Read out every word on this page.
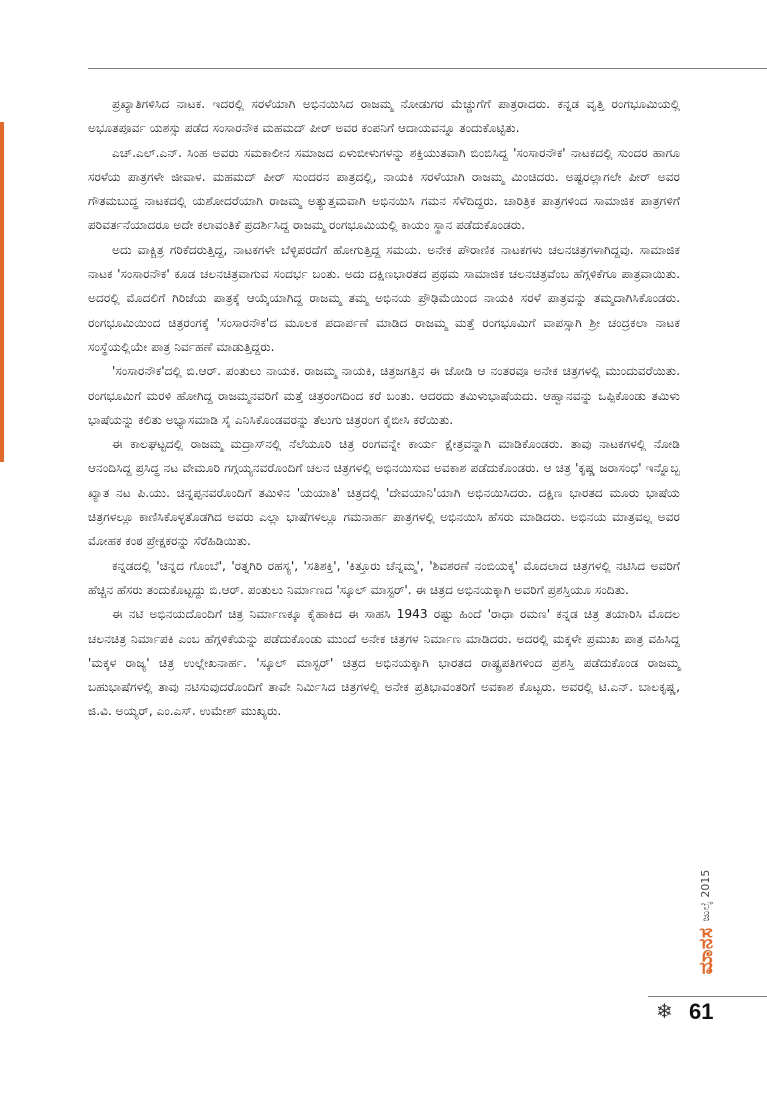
ಪ್ರಖ್ಯಾತಿಗಳಿಸಿದ ನಾಟಕ. ಇದರಲ್ಲಿ ಸರಳೆಯಾಗಿ ಅಭಿನಯಿಸಿದ ರಾಜಮ್ಮ ನೋಡುಗರ ಮೆಚ್ಚುಗೆಗೆ ಪಾತ್ರರಾದರು. ಕನ್ನಡ ವೃತ್ತಿ ರಂಗಭೂಮಿಯಲ್ಲಿ ಅಭೂತಪೂರ್ವ ಯಶಸ್ಸು ಪಡೆದ ಸಂಸಾರನೌಕ ಮಹಮದ್ ಪೀರ್ ಅವರ ಕಂಪನಿಗೆ ಆದಾಯವನ್ನೂ ತಂದುಕೊಟ್ಟಿತು.

ಎಚ್.ಎಲ್.ಎನ್. ಸಿಂಹ ಅವರು ಸಮಕಾಲೀನ ಸಮಾಜದ ಏಳುಬೀಳುಗಳನ್ನು ಶಕ್ತಿಯುತವಾಗಿ ಬಿಂಬಿಸಿದ್ದ 'ಸಂಸಾರನೌಕ' ನಾಟಕದಲ್ಲಿ ಸುಂದರ ಹಾಗೂ ಸರಳೆಯ ಪಾತ್ರಗಳೇ ಜೀವಾಳ. ಮಹಮದ್ ಪೀರ್ ಸುಂದರನ ಪಾತ್ರದಲ್ಲಿ, ನಾಯಕಿ ಸರಳೆಯಾಗಿ ರಾಜಮ್ಮ ಮಿಂಚಿದರು. ಅಷ್ಟರಲ್ಲಾಗಲೇ ಪೀರ್ ಅವರ ಗೌತಮಬುದ್ಧ ನಾಟಕದಲ್ಲಿ ಯಶೋದರೆಯಾಗಿ ರಾಜಮ್ಮ ಅತ್ಯುತ್ತಮವಾಗಿ ಅಭಿನಯಿಸಿ ಗಮನ ಸೆಳೆದಿದ್ದರು. ಚಾರಿತ್ರಿಕ ಪಾತ್ರಗಳಿಂದ ಸಾಮಾಜಿಕ ಪಾತ್ರಗಳಿಗೆ ಪರಿವರ್ತನೆಯಾದರೂ ಅದೇ ಕಲಾವಂತಿಕೆ ಪ್ರದರ್ಶಿಸಿದ್ದ ರಾಜಮ್ಮ ರಂಗಭೂಮಿಯಲ್ಲಿ ಕಾಯಂ ಸ್ಥಾನ ಪಡೆದುಕೊಂಡರು.

ಅದು ವಾಕ್ಚಿತ್ರ ಗರಿಕೆದರುತ್ತಿದ್ದ, ನಾಟಕಗಳೇ ಬೆಳ್ಳಿಪರದೆಗೆ ಹೋಗುತ್ತಿದ್ದ ಸಮಯ. ಅನೇಕ ಪೌರಾಣಿಕ ನಾಟಕಗಳು ಚಲನಚಿತ್ರಗಳಾಗಿದ್ದವು. ಸಾಮಾಜಿಕ ನಾಟಕ 'ಸಂಸಾರನೌಕ' ಕೂಡ ಚಲನಚಿತ್ರವಾಗುವ ಸಂದರ್ಭ ಬಂತು. ಅದು ದಕ್ಷಿಣಭಾರತದ ಪ್ರಥಮ ಸಾಮಾಜಿಕ ಚಲನಚಿತ್ರವೆಂಬ ಹೆಗ್ಗಳಿಕೆಗೂ ಪಾತ್ರವಾಯಿತು. ಅದರಲ್ಲಿ ಮೊದಲಿಗೆ ಗಿರಿಜೆಯ ಪಾತ್ರಕ್ಕೆ ಆಯ್ಕೆಯಾಗಿದ್ದ ರಾಜಮ್ಮ ತಮ್ಮ ಅಭಿನಯ ಪ್ರೌಢಿಮೆಯಿಂದ ನಾಯಕಿ ಸರಳೆ ಪಾತ್ರವನ್ನು ತಮ್ಮದಾಗಿಸಿಕೊಂಡರು. ರಂಗಭೂಮಿಯಿಂದ ಚಿತ್ರರಂಗಕ್ಕೆ 'ಸಂಸಾರನೌಕ'ದ ಮೂಲಕ ಪದಾರ್ಪಣೆ ಮಾಡಿದ ರಾಜಮ್ಮ ಮತ್ತೆ ರಂಗಭೂಮಿಗೆ ವಾಪಸ್ಸಾಗಿ ಶ್ರೀ ಚಂದ್ರಕಲಾ ನಾಟಕ ಸಂಸ್ಥೆಯಲ್ಲಿಯೇ ಪಾತ್ರ ನಿರ್ವಹಣೆ ಮಾಡುತ್ತಿದ್ದರು.

'ಸಂಸಾರನೌಕ'ದಲ್ಲಿ ಬಿ.ಆರ್. ಪಂತುಲು ನಾಯಕ. ರಾಜಮ್ಮ ನಾಯಕಿ, ಚಿತ್ರಜಗತ್ತಿನ ಈ ಜೋಡಿ ಆ ನಂತರವೂ ಅನೇಕ ಚಿತ್ರಗಳಲ್ಲಿ ಮುಂದುವರೆಯಿತು. ರಂಗಭೂಮಿಗೆ ಮರಳಿ ಹೋಗಿದ್ದ ರಾಜಮ್ಮನವರಿಗೆ ಮತ್ತೆ ಚಿತ್ರರಂಗದಿಂದ ಕರೆ ಬಂತು. ಆದರದು ತಮಿಳುಭಾಷೆಯದು. ಆಹ್ವಾನವನ್ನು ಒಪ್ಪಿಕೊಂಡು ತಮಿಳು ಭಾಷೆಯನ್ನು ಕಲಿತು ಅಭ್ಯಾಸಮಾಡಿ ಸೈ ಎನಿಸಿಕೊಂಡವರನ್ನು ತೆಲುಗು ಚಿತ್ರರಂಗ ಕೈಬೀಸಿ ಕರೆಯಿತು.

ಈ ಕಾಲಘಟ್ಟದಲ್ಲಿ ರಾಜಮ್ಮ ಮದ್ರಾಸ್‌ನಲ್ಲಿ ನೆಲೆಯೂರಿ ಚಿತ್ರ ರಂಗವನ್ನೇ ಕಾರ್ಯ ಕ್ಷೇತ್ರವನ್ನಾಗಿ ಮಾಡಿಕೊಂಡರು. ತಾವು ನಾಟಕಗಳಲ್ಲಿ ನೋಡಿ ಆನಂದಿಸಿದ್ದ ಪ್ರಸಿದ್ಧ ನಟ ವೇಮೂರಿ ಗಗ್ಗಯ್ಯನವರೊಂದಿಗೆ ಚಲನ ಚಿತ್ರಗಳಲ್ಲಿ ಅಭಿನಯಿಸುವ ಅವಕಾಶ ಪಡೆದುಕೊಂಡರು. ಆ ಚಿತ್ರ 'ಕೃಷ್ಣ ಜರಾಸಂಧ' ಇನ್ನೊಬ್ಬ ಖ್ಯಾತ ನಟ ಪಿ.ಯು. ಚಿನ್ನಪ್ಪನವರೊಂದಿಗೆ ತಮಿಳಿನ 'ಯಯಾತಿ' ಚಿತ್ರದಲ್ಲಿ 'ದೇವಯಾನಿ'ಯಾಗಿ ಅಭಿನಯಿಸಿದರು. ದಕ್ಷಿಣ ಭಾರತದ ಮೂರು ಭಾಷೆಯ ಚಿತ್ರಗಳಲ್ಲೂ ಕಾಣಿಸಿಕೊಳ್ಳತೊಡಗಿದ ಅವರು ಎಲ್ಲಾ ಭಾಷೆಗಳಲ್ಲೂ ಗಮನಾರ್ಹ ಪಾತ್ರಗಳಲ್ಲಿ ಅಭಿನಯಿಸಿ ಹೆಸರು ಮಾಡಿದರು. ಅಭಿನಯ ಮಾತ್ರವಲ್ಲ ಅವರ ಮೋಹಕ ಕಂಠ ಪ್ರೇಕ್ಷಕರನ್ನು ಸೆರೆಹಿಡಿಯಿತು.

ಕನ್ನಡದಲ್ಲಿ 'ಚಿನ್ನದ ಗೊಂಬೆ', 'ರತ್ನಗಿರಿ ರಹಸ್ಯ', 'ಸತಿಶಕ್ತಿ', 'ಕಿತ್ತೂರು ಚೆನ್ನಮ್ಮ', 'ಶಿವಶರಣೆ ನಂಬಿಯಕ್ಕ' ಮೊದಲಾದ ಚಿತ್ರಗಳಲ್ಲಿ ನಟಿಸಿದ ಅವರಿಗೆ ಹೆಚ್ಚಿನ ಹೆಸರು ತಂದುಕೊಟ್ಟದ್ದು ಬಿ.ಆರ್. ಪಂತುಲು ನಿರ್ಮಾಣದ 'ಸ್ಕೂಲ್ ಮಾಸ್ಟರ್'. ಈ ಚಿತ್ರದ ಅಭಿನಯಕ್ಕಾಗಿ ಅವರಿಗೆ ಪ್ರಶಸ್ತಿಯೂ ಸಂದಿತು.

ಈ ನಟಿ ಅಭಿನಯದೊಂದಿಗೆ ಚಿತ್ರ ನಿರ್ಮಾಣಕ್ಕೂ ಕೈಹಾಕಿದ ಈ ಸಾಹಸಿ 1943 ರಷ್ಟು ಹಿಂದೆ 'ರಾಧಾ ರಮಣ' ಕನ್ನಡ ಚಿತ್ರ ತಯಾರಿಸಿ ಮೊದಲ ಚಲನಚಿತ್ರ ನಿರ್ಮಾಪಕಿ ಎಂಬ ಹೆಗ್ಗಳಿಕೆಯನ್ನು ಪಡೆದುಕೊಂಡು ಮುಂದೆ ಅನೇಕ ಚಿತ್ರಗಳ ನಿರ್ಮಾಣ ಮಾಡಿದರು. ಅದರಲ್ಲಿ ಮಕ್ಕಳೇ ಪ್ರಮುಖ ಪಾತ್ರ ವಹಿಸಿದ್ದ 'ಮಕ್ಕಳ ರಾಜ್ಯ' ಚಿತ್ರ ಉಲ್ಲೇಖನಾರ್ಹ. 'ಸ್ಕೂಲ್ ಮಾಸ್ಟರ್' ಚಿತ್ರದ ಅಭಿನಯಕ್ಕಾಗಿ ಭಾರತದ ರಾಷ್ಟ್ರಪತಿಗಳಿಂದ ಪ್ರಶಸ್ತಿ ಪಡೆದುಕೊಂಡ ರಾಜಮ್ಮ ಬಹುಭಾಷೆಗಳಲ್ಲಿ ತಾವು ನಟಿಸುವುದರೊಂದಿಗೆ ತಾವೇ ನಿರ್ಮಿಸಿದ ಚಿತ್ರಗಳಲ್ಲಿ ಅನೇಕ ಪ್ರತಿಭಾವಂತರಿಗೆ ಅವಕಾಶ ಕೊಟ್ಟರು. ಅವರಲ್ಲಿ ಟಿ.ಎನ್. ಬಾಲಕೃಷ್ಣ, ಜಿ.ವಿ. ಅಯ್ಯರ್, ಎಂ.ಎಸ್. ಉಮೇಶ್ ಮುಖ್ಯರು.

ಮಾನಸ
ಜುಲೈ 2015
❄ 61
